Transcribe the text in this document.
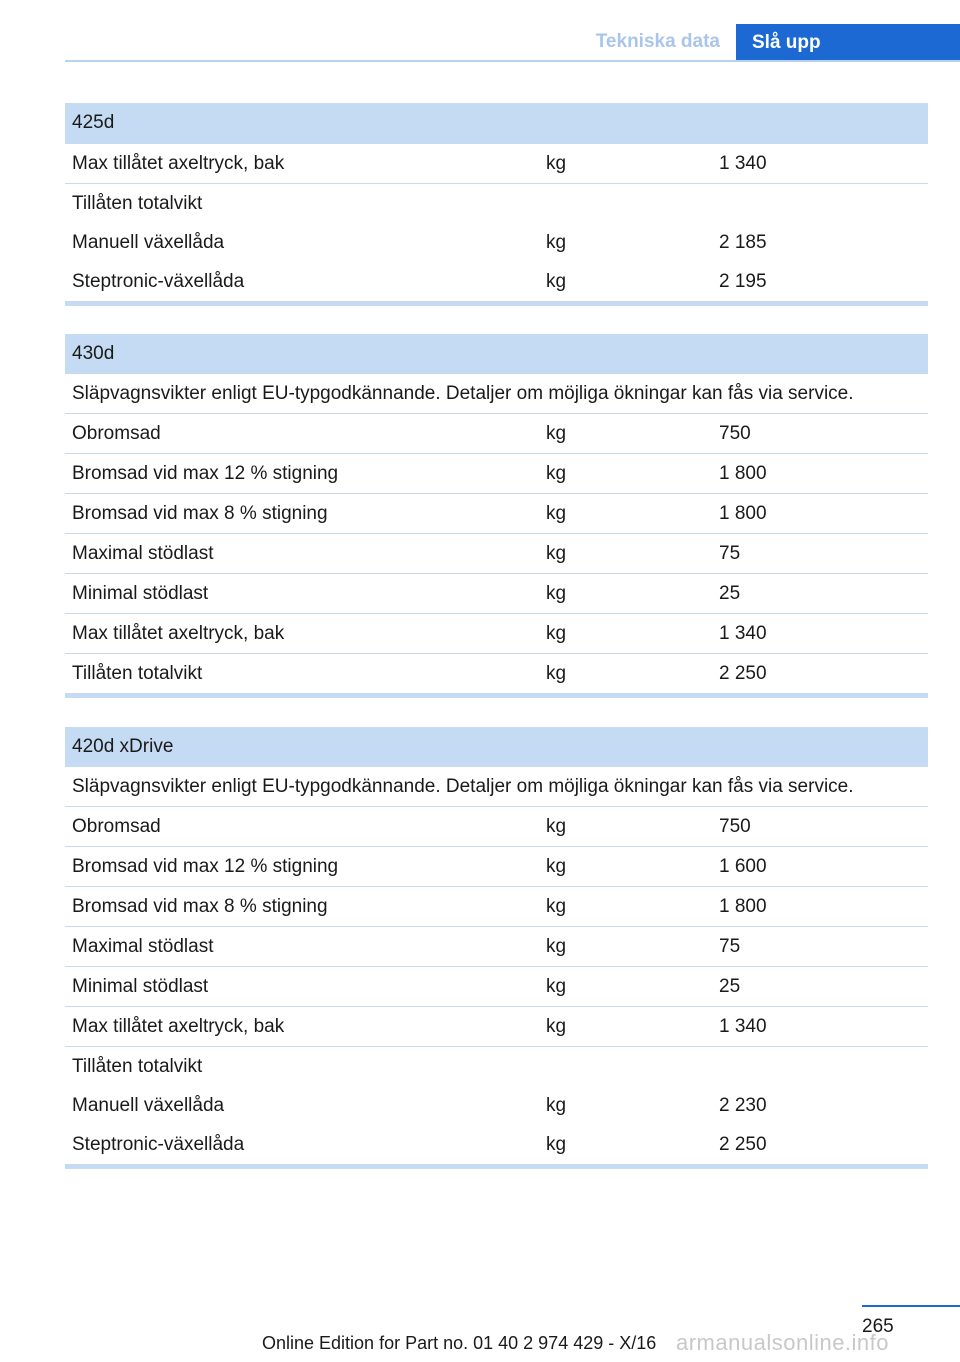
Tekniska data	Slå upp
425d		
Max tillåtet axeltryck, bak	kg	1 340
Tillåten totalvikt		
Manuell växellåda	kg	2 185
Steptronic-växellåda	kg	2 195
430d		
Släpvagnsvikter enligt EU-typgodkännande. Detaljer om möjliga ökningar kan fås via service.		
Obromsad	kg	750
Bromsad vid max 12 % stigning	kg	1 800
Bromsad vid max 8 % stigning	kg	1 800
Maximal stödlast	kg	75
Minimal stödlast	kg	25
Max tillåtet axeltryck, bak	kg	1 340
Tillåten totalvikt	kg	2 250
420d xDrive		
Släpvagnsvikter enligt EU-typgodkännande. Detaljer om möjliga ökningar kan fås via service.		
Obromsad	kg	750
Bromsad vid max 12 % stigning	kg	1 600
Bromsad vid max 8 % stigning	kg	1 800
Maximal stödlast	kg	75
Minimal stödlast	kg	25
Max tillåtet axeltryck, bak	kg	1 340
Tillåten totalvikt		
Manuell växellåda	kg	2 230
Steptronic-växellåda	kg	2 250
265
Online Edition for Part no. 01 40 2 974 429 - X/16 armanualsonline.info
